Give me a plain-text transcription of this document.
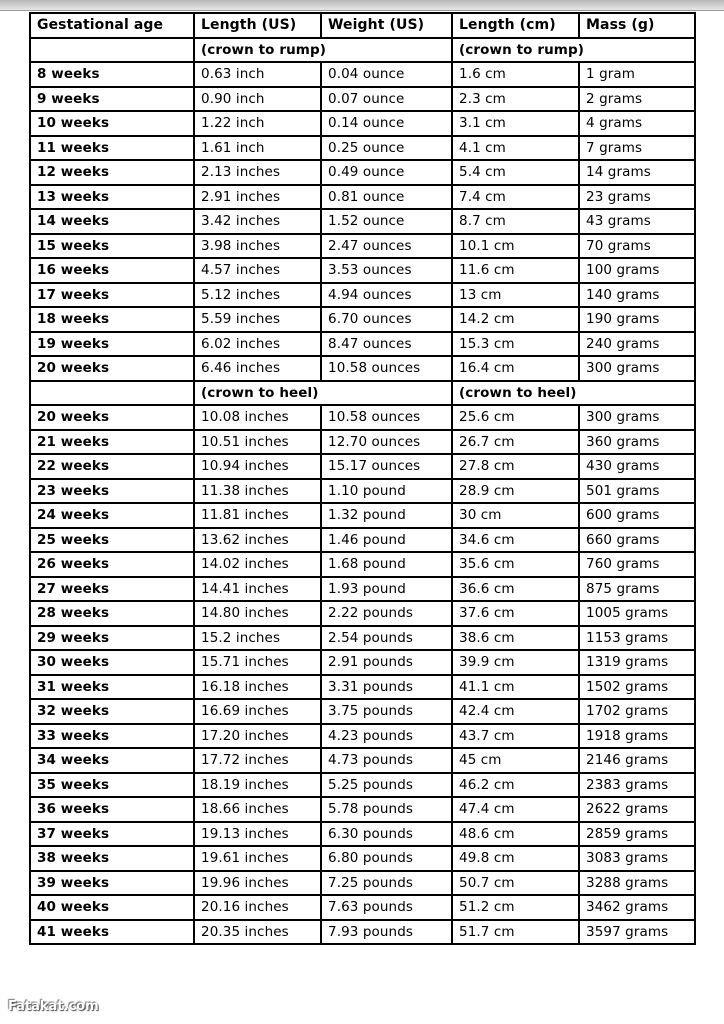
Gestational age	Length (US)	Weight (US)	Length (cm)	Mass (g)
	(crown to rump)		(crown to rump)	
8 weeks	0.63 inch	0.04 ounce	1.6 cm	1 gram
9 weeks	0.90 inch	0.07 ounce	2.3 cm	2 grams
10 weeks	1.22 inch	0.14 ounce	3.1 cm	4 grams
11 weeks	1.61 inch	0.25 ounce	4.1 cm	7 grams
12 weeks	2.13 inches	0.49 ounce	5.4 cm	14 grams
13 weeks	2.91 inches	0.81 ounce	7.4 cm	23 grams
14 weeks	3.42 inches	1.52 ounce	8.7 cm	43 grams
15 weeks	3.98 inches	2.47 ounces	10.1 cm	70 grams
16 weeks	4.57 inches	3.53 ounces	11.6 cm	100 grams
17 weeks	5.12 inches	4.94 ounces	13 cm	140 grams
18 weeks	5.59 inches	6.70 ounces	14.2 cm	190 grams
19 weeks	6.02 inches	8.47 ounces	15.3 cm	240 grams
20 weeks	6.46 inches	10.58 ounces	16.4 cm	300 grams
	(crown to heel)		(crown to heel)	
20 weeks	10.08 inches	10.58 ounces	25.6 cm	300 grams
21 weeks	10.51 inches	12.70 ounces	26.7 cm	360 grams
22 weeks	10.94 inches	15.17 ounces	27.8 cm	430 grams
23 weeks	11.38 inches	1.10 pound	28.9 cm	501 grams
24 weeks	11.81 inches	1.32 pound	30 cm	600 grams
25 weeks	13.62 inches	1.46 pound	34.6 cm	660 grams
26 weeks	14.02 inches	1.68 pound	35.6 cm	760 grams
27 weeks	14.41 inches	1.93 pound	36.6 cm	875 grams
28 weeks	14.80 inches	2.22 pounds	37.6 cm	1005 grams
29 weeks	15.2 inches	2.54 pounds	38.6 cm	1153 grams
30 weeks	15.71 inches	2.91 pounds	39.9 cm	1319 grams
31 weeks	16.18 inches	3.31 pounds	41.1 cm	1502 grams
32 weeks	16.69 inches	3.75 pounds	42.4 cm	1702 grams
33 weeks	17.20 inches	4.23 pounds	43.7 cm	1918 grams
34 weeks	17.72 inches	4.73 pounds	45 cm	2146 grams
35 weeks	18.19 inches	5.25 pounds	46.2 cm	2383 grams
36 weeks	18.66 inches	5.78 pounds	47.4 cm	2622 grams
37 weeks	19.13 inches	6.30 pounds	48.6 cm	2859 grams
38 weeks	19.61 inches	6.80 pounds	49.8 cm	3083 grams
39 weeks	19.96 inches	7.25 pounds	50.7 cm	3288 grams
40 weeks	20.16 inches	7.63 pounds	51.2 cm	3462 grams
41 weeks	20.35 inches	7.93 pounds	51.7 cm	3597 grams
Fatakat.com
